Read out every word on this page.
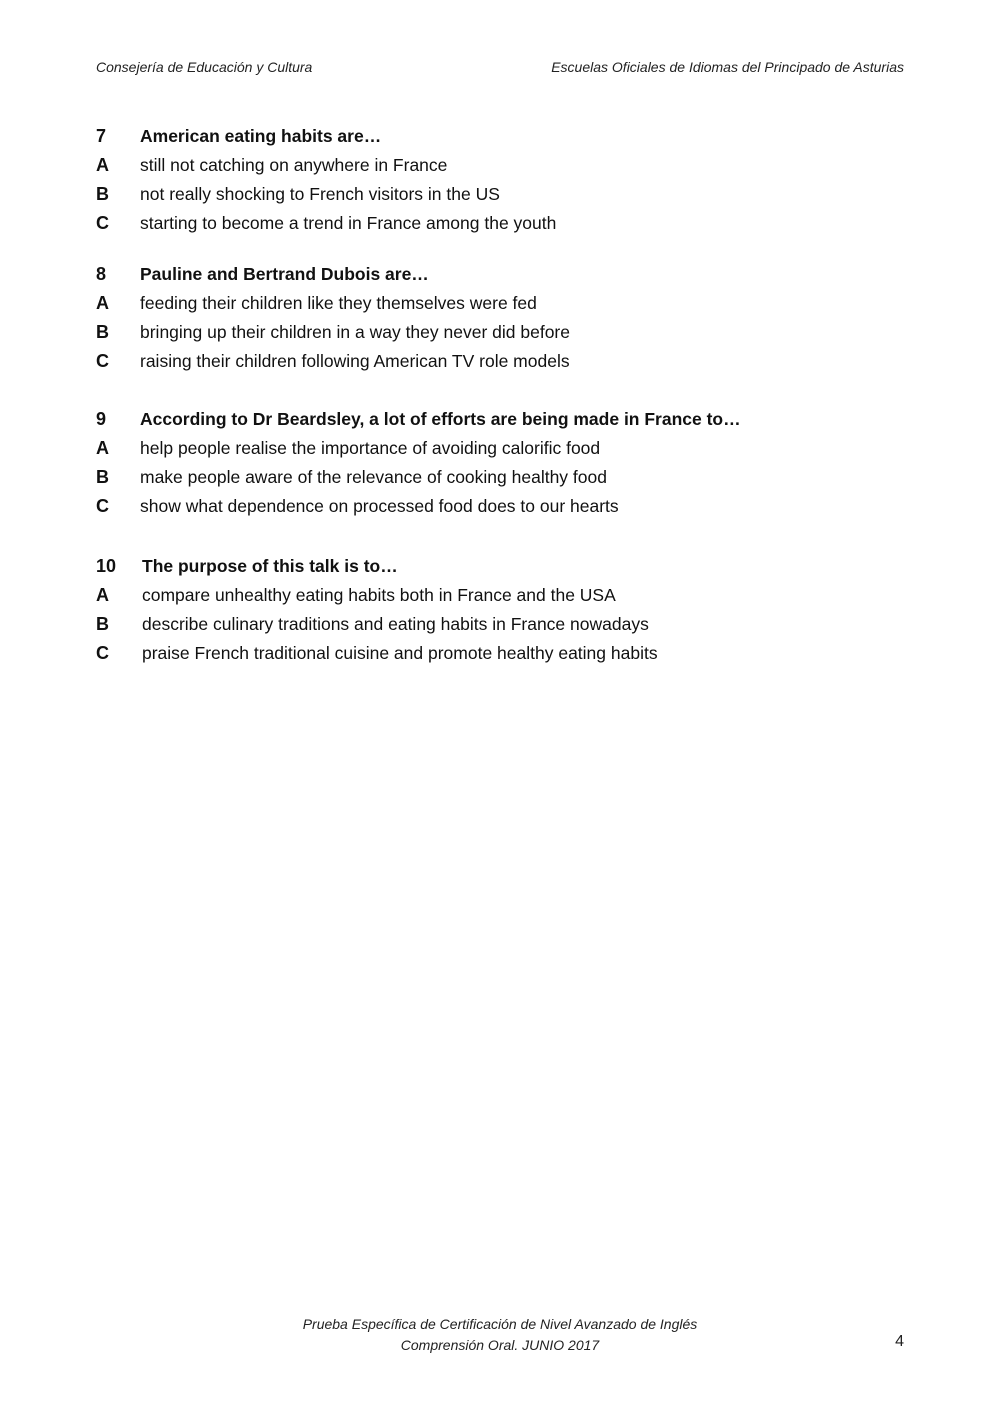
Consejería de Educación y Cultura	Escuelas Oficiales de Idiomas del Principado de Asturias
7 American eating habits are…
A still not catching on anywhere in France
B not really shocking to French visitors in the US
C starting to become a trend in France among the youth
8 Pauline and Bertrand Dubois are…
A feeding their children like they themselves were fed
B bringing up their children in a way they never did before
C raising their children following American TV role models
9 According to Dr Beardsley, a lot of efforts are being made in France to…
A help people realise the importance of avoiding calorific food
B make people aware of the relevance of cooking healthy food
C show what dependence on processed food does to our hearts
10 The purpose of this talk is to…
A compare unhealthy eating habits both in France and the USA
B describe culinary traditions and eating habits in France nowadays
C praise French traditional cuisine and promote healthy eating habits
Prueba Específica de Certificación de Nivel Avanzado de Inglés
Comprensión Oral. JUNIO 2017	4
